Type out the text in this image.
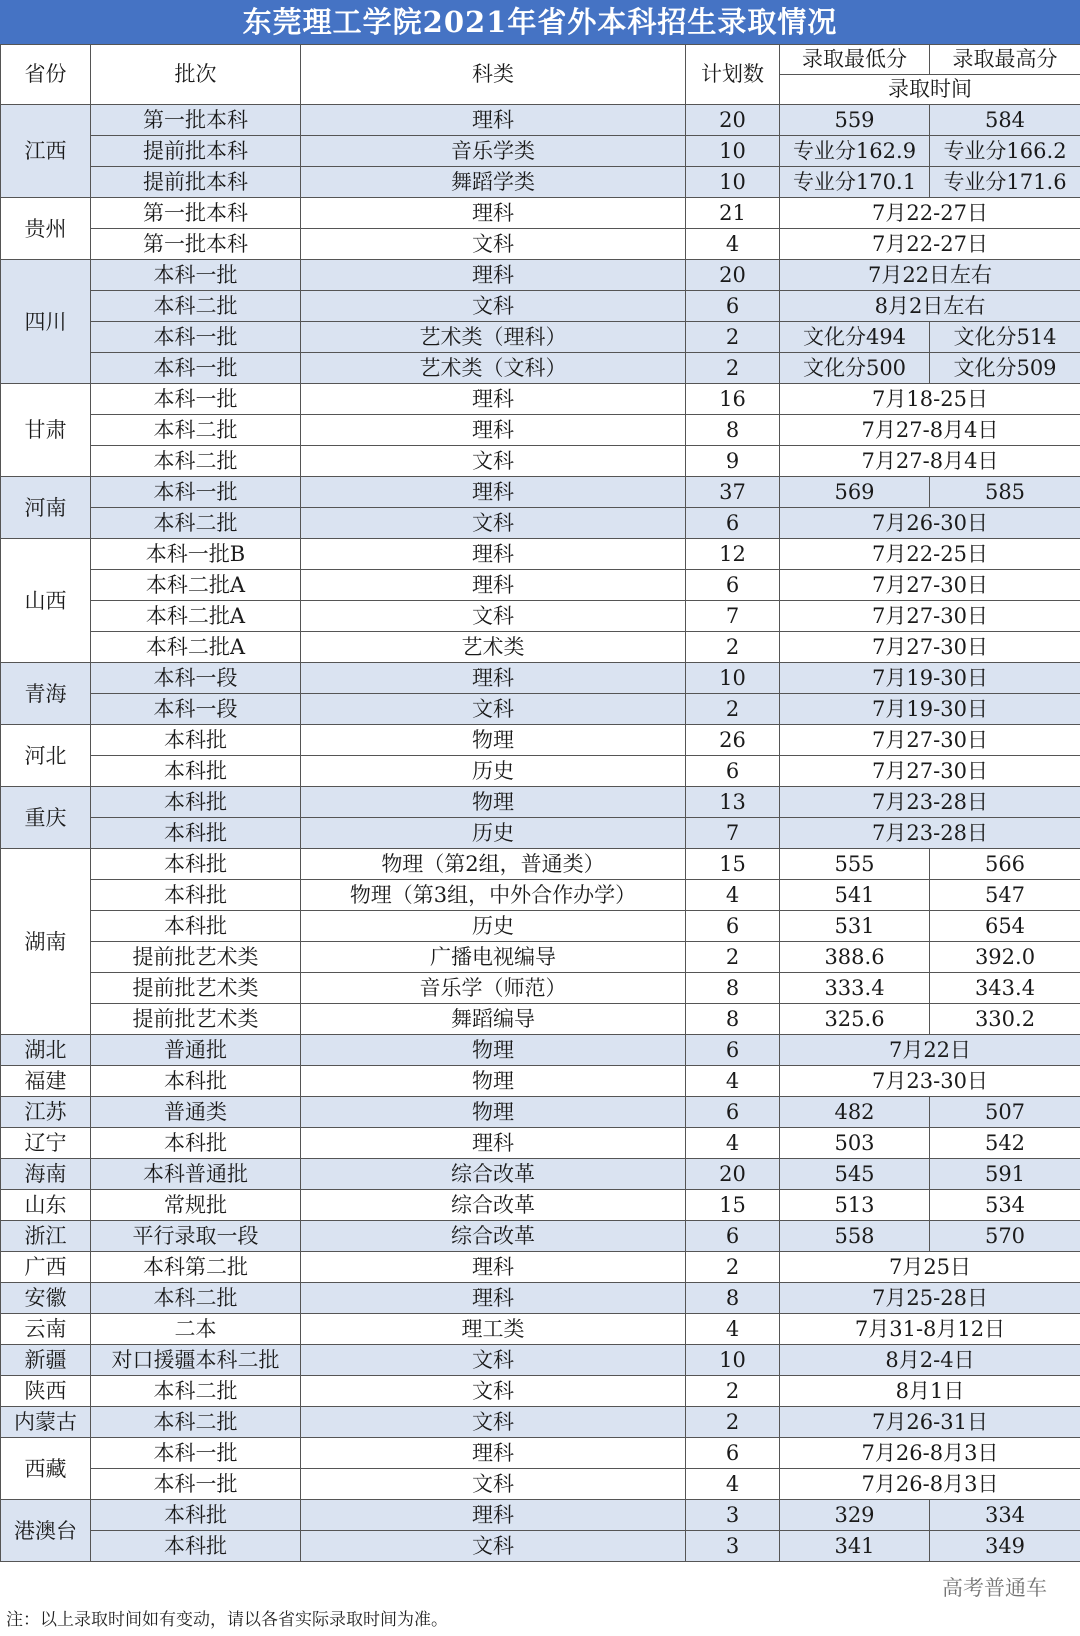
东莞理工学院2021年省外本科招生录取情况
省份	批次	科类	计划数	录取最低分	录取最高分
				录取时间	
江西	第一批本科	理科	20	559	584
	提前批本科	音乐学类	10	专业分162.9	专业分166.2
	提前批本科	舞蹈学类	10	专业分170.1	专业分171.6
贵州	第一批本科	理科	21	7月22-27日	
	第一批本科	文科	4	7月22-27日	
四川	本科一批	理科	20	7月22日左右	
	本科二批	文科	6	8月2日左右	
	本科一批	艺术类（理科）	2	文化分494	文化分514
	本科一批	艺术类（文科）	2	文化分500	文化分509
甘肃	本科一批	理科	16	7月18-25日	
	本科二批	理科	8	7月27-8月4日	
	本科二批	文科	9	7月27-8月4日	
河南	本科一批	理科	37	569	585
	本科二批	文科	6	7月26-30日	
山西	本科一批B	理科	12	7月22-25日	
	本科二批A	理科	6	7月27-30日	
	本科二批A	文科	7	7月27-30日	
	本科二批A	艺术类	2	7月27-30日	
青海	本科一段	理科	10	7月19-30日	
	本科一段	文科	2	7月19-30日	
河北	本科批	物理	26	7月27-30日	
	本科批	历史	6	7月27-30日	
重庆	本科批	物理	13	7月23-28日	
	本科批	历史	7	7月23-28日	
湖南	本科批	物理（第2组，普通类）	15	555	566
	本科批	物理（第3组，中外合作办学）	4	541	547
	本科批	历史	6	531	654
	提前批艺术类	广播电视编导	2	388.6	392.0
	提前批艺术类	音乐学（师范）	8	333.4	343.4
	提前批艺术类	舞蹈编导	8	325.6	330.2
湖北	普通批	物理	6	7月22日	
福建	本科批	物理	4	7月23-30日	
江苏	普通类	物理	6	482	507
辽宁	本科批	理科	4	503	542
海南	本科普通批	综合改革	20	545	591
山东	常规批	综合改革	15	513	534
浙江	平行录取一段	综合改革	6	558	570
广西	本科第二批	理科	2	7月25日	
安徽	本科二批	理科	8	7月25-28日	
云南	二本	理工类	4	7月31-8月12日	
新疆	对口援疆本科二批	文科	10	8月2-4日	
陕西	本科二批	文科	2	8月1日	
内蒙古	本科二批	文科	2	7月26-31日	
西藏	本科一批	理科	6	7月26-8月3日	
	本科一批	文科	4	7月26-8月3日	
港澳台	本科批	理科	3	329	334
	本科批	文科	3	341	349
高考普通车
注：以上录取时间如有变动，请以各省实际录取时间为准。
